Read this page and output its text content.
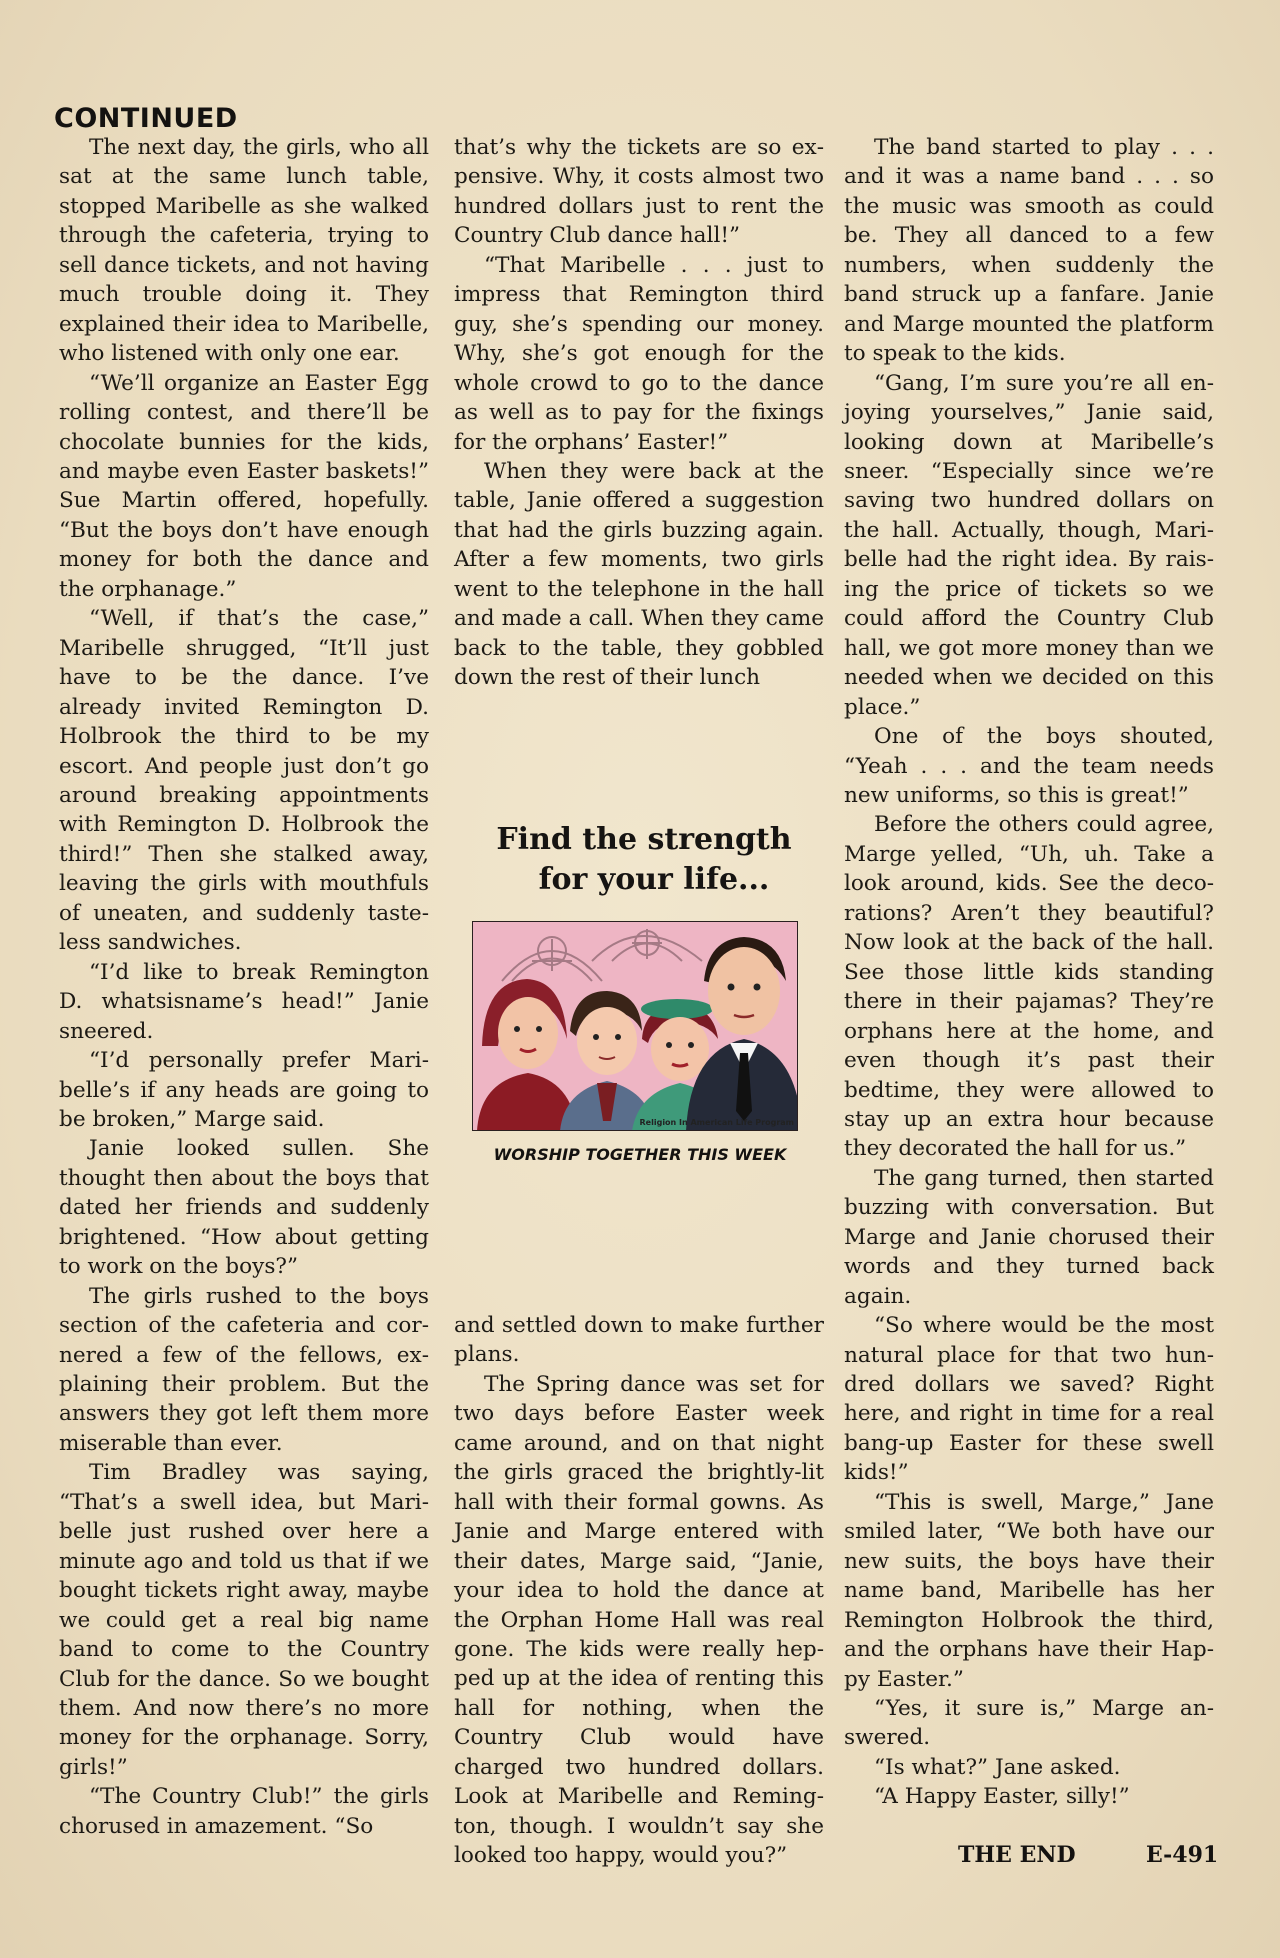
CONTINUED

The next day, the girls, who all sat at the same lunch table, stopped Maribelle as she walked through the cafeteria, trying to sell dance tickets, and not having much trouble doing it. They explained their idea to Maribelle, who listened with only one ear.

“We’ll organize an Easter Egg rolling contest, and there’ll be chocolate bunnies for the kids, and maybe even Easter baskets!” Sue Martin offered, hopefully. “But the boys don’t have enough money for both the dance and the orphanage.”

“Well, if that’s the case,” Maribelle shrugged, “It’ll just have to be the dance. I’ve already invited Remington D. Holbrook the third to be my escort. And people just don’t go around breaking appointments with Remington D. Holbrook the third!” Then she stalked away, leaving the girls with mouthfuls of uneaten, and suddenly tasteless sandwiches.

“I’d like to break Remington D. whatsisname’s head!” Janie sneered.

“I’d personally prefer Maribelle’s if any heads are going to be broken,” Marge said.

Janie looked sullen. She thought then about the boys that dated her friends and suddenly brightened. “How about getting to work on the boys?”

The girls rushed to the boys section of the cafeteria and cornered a few of the fellows, explaining their problem. But the answers they got left them more miserable than ever.

Tim Bradley was saying, “That’s a swell idea, but Maribelle just rushed over here a minute ago and told us that if we bought tickets right away, maybe we could get a real big name band to come to the Country Club for the dance. So we bought them. And now there’s no more money for the orphanage. Sorry, girls!”

“The Country Club!” the girls chorused in amazement. “So

that’s why the tickets are so expensive. Why, it costs almost two hundred dollars just to rent the Country Club dance hall!”

“That Maribelle . . . just to impress that Remington third guy, she’s spending our money. Why, she’s got enough for the whole crowd to go to the dance as well as to pay for the fixings for the orphans’ Easter!”

When they were back at the table, Janie offered a suggestion that had the girls buzzing again. After a few moments, two girls went to the telephone in the hall and made a call. When they came back to the table, they gobbled down the rest of their lunch

Find the strength
for your life...
Religion In American Life Program
WORSHIP TOGETHER THIS WEEK

and settled down to make further plans.

The Spring dance was set for two days before Easter week came around, and on that night the girls graced the brightly-lit hall with their formal gowns. As Janie and Marge entered with their dates, Marge said, “Janie, your idea to hold the dance at the Orphan Home Hall was real gone. The kids were really hepped up at the idea of renting this hall for nothing, when the Country Club would have charged two hundred dollars. Look at Maribelle and Remington, though. I wouldn’t say she looked too happy, would you?”

The band started to play . . . and it was a name band . . . so the music was smooth as could be. They all danced to a few numbers, when suddenly the band struck up a fanfare. Janie and Marge mounted the platform to speak to the kids.

“Gang, I’m sure you’re all enjoying yourselves,” Janie said, looking down at Maribelle’s sneer. “Especially since we’re saving two hundred dollars on the hall. Actually, though, Maribelle had the right idea. By raising the price of tickets so we could afford the Country Club hall, we got more money than we needed when we decided on this place.”

One of the boys shouted, “Yeah . . . and the team needs new uniforms, so this is great!”

Before the others could agree, Marge yelled, “Uh, uh. Take a look around, kids. See the decorations? Aren’t they beautiful? Now look at the back of the hall. See those little kids standing there in their pajamas? They’re orphans here at the home, and even though it’s past their bedtime, they were allowed to stay up an extra hour because they decorated the hall for us.”

The gang turned, then started buzzing with conversation. But Marge and Janie chorused their words and they turned back again.

“So where would be the most natural place for that two hundred dollars we saved? Right here, and right in time for a real bang-up Easter for these swell kids!”

“This is swell, Marge,” Jane smiled later, “We both have our new suits, the boys have their name band, Maribelle has her Remington Holbrook the third, and the orphans have their Happy Easter.”

“Yes, it sure is,” Marge answered.

“Is what?” Jane asked.

“A Happy Easter, silly!”

THE END	E-491
